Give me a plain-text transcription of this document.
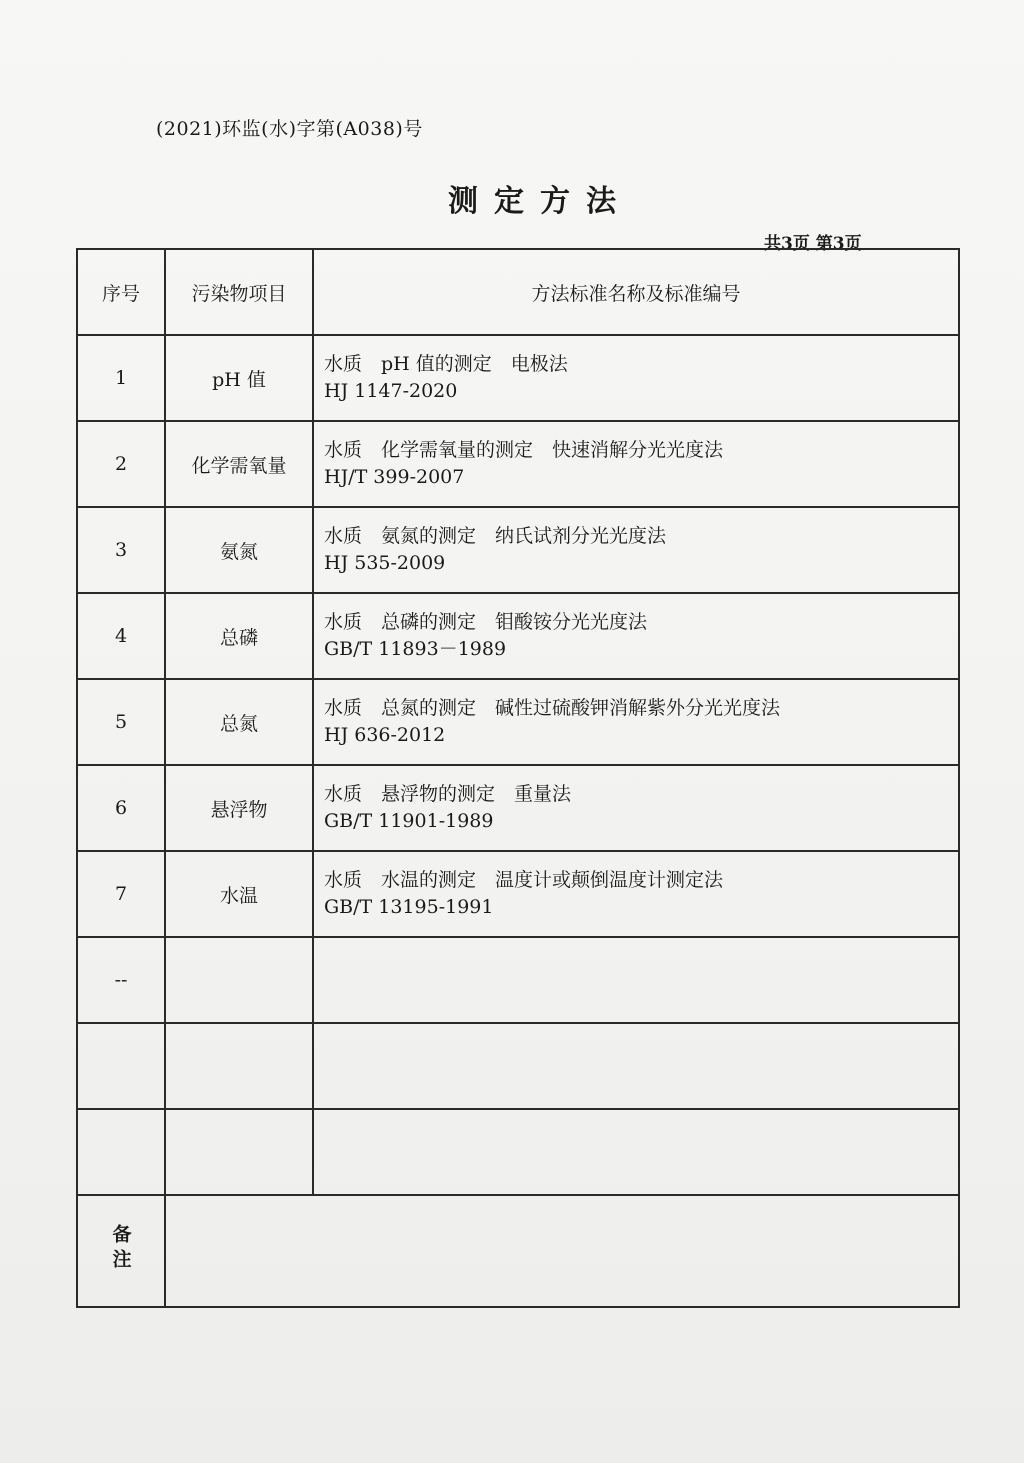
(2021)环监(水)字第(A038)号
测定方法
共3页 第3页
序号	污染物项目	方法标准名称及标准编号
1	pH 值	水质　pH 值的测定　电极法
HJ 1147-2020

2	化学需氧量	水质　化学需氧量的测定　快速消解分光光度法
HJ/T 399-2007

3	氨氮	水质　氨氮的测定　纳氏试剂分光光度法
HJ 535-2009

4	总磷	水质　总磷的测定　钼酸铵分光光度法
GB/T 11893－1989

5	总氮	水质　总氮的测定　碱性过硫酸钾消解紫外分光光度法
HJ 636-2012

6	悬浮物	水质　悬浮物的测定　重量法
GB/T 11901-1989

7	水温	水质　水温的测定　温度计或颠倒温度计测定法
GB/T 13195-1991

--		

备注		
